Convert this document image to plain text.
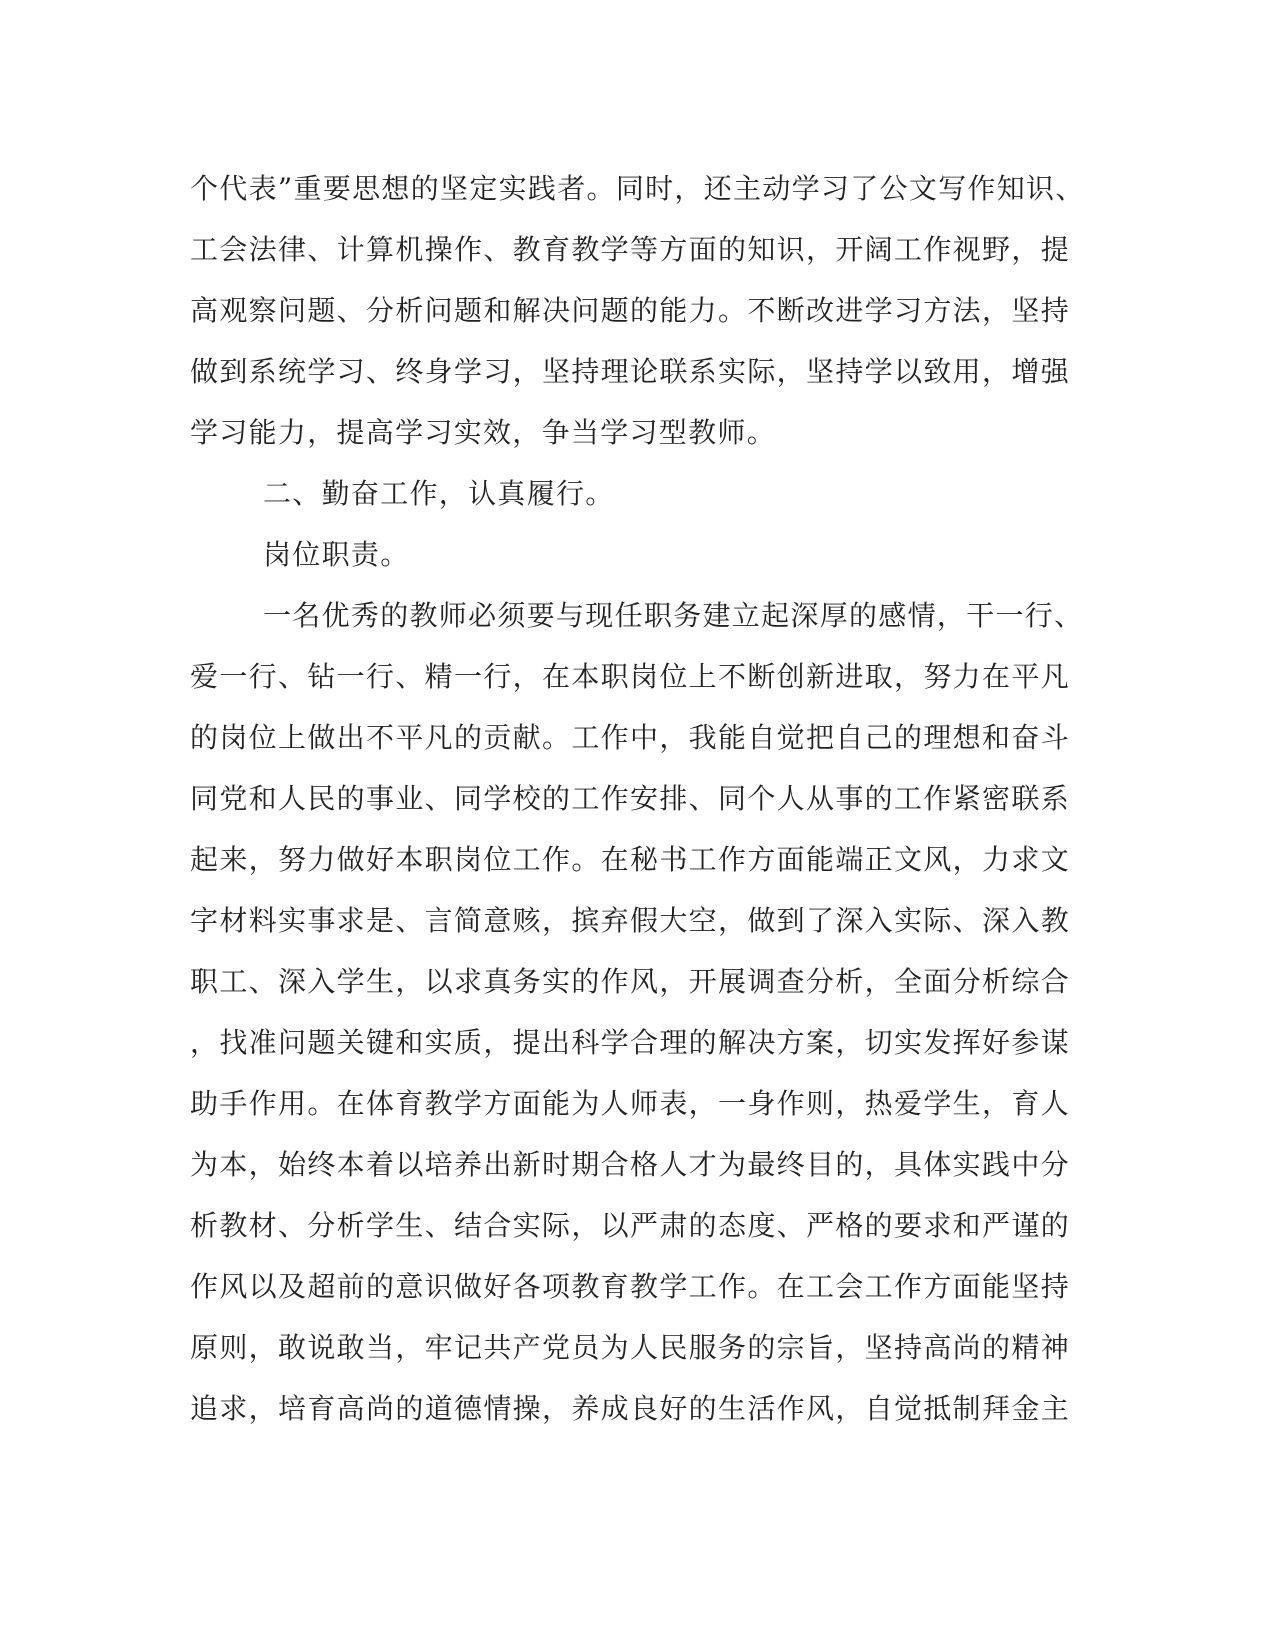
个代表”重要思想的坚定实践者。同时，还主动学习了公文写作知识、
工会法律、计算机操作、教育教学等方面的知识，开阔工作视野，提
高观察问题、分析问题和解决问题的能力。不断改进学习方法，坚持
做到系统学习、终身学习，坚持理论联系实际，坚持学以致用，增强
学习能力，提高学习实效，争当学习型教师。
二、勤奋工作，认真履行。
岗位职责。
一名优秀的教师必须要与现任职务建立起深厚的感情，干一行、
爱一行、钻一行、精一行，在本职岗位上不断创新进取，努力在平凡
的岗位上做出不平凡的贡献。工作中，我能自觉把自己的理想和奋斗
同党和人民的事业、同学校的工作安排、同个人从事的工作紧密联系
起来，努力做好本职岗位工作。在秘书工作方面能端正文风，力求文
字材料实事求是、言简意赅，摈弃假大空，做到了深入实际、深入教
职工、深入学生，以求真务实的作风，开展调查分析，全面分析综合
，找准问题关键和实质，提出科学合理的解决方案，切实发挥好参谋
助手作用。在体育教学方面能为人师表，一身作则，热爱学生，育人
为本，始终本着以培养出新时期合格人才为最终目的，具体实践中分
析教材、分析学生、结合实际，以严肃的态度、严格的要求和严谨的
作风以及超前的意识做好各项教育教学工作。在工会工作方面能坚持
原则，敢说敢当，牢记共产党员为人民服务的宗旨，坚持高尚的精神
追求，培育高尚的道德情操，养成良好的生活作风，自觉抵制拜金主
